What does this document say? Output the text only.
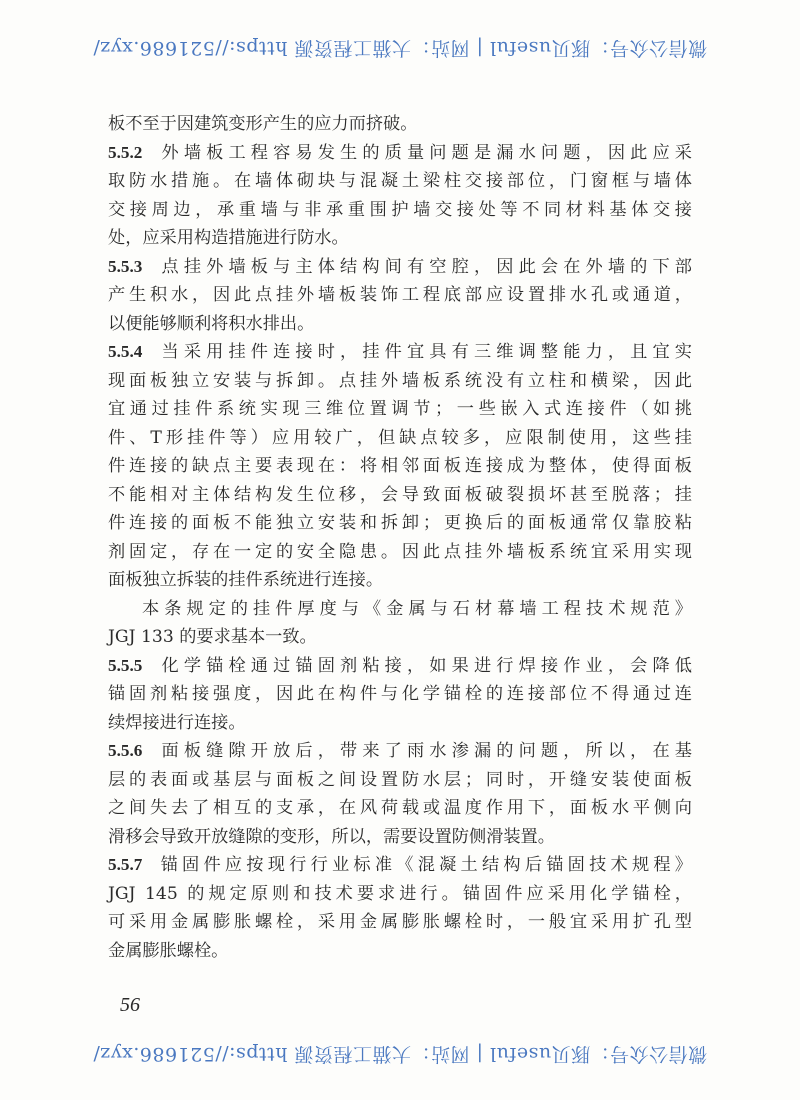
微信公众号：豚贝useful | 网站：大猫工程资源 https://521686.xyz/
板不至于因建筑变形产生的应力而挤破。
5.5.2 外墙板工程容易发生的质量问题是漏水问题，因此应采
取防水措施。在墙体砌块与混凝土梁柱交接部位，门窗框与墙体
交接周边，承重墙与非承重围护墙交接处等不同材料基体交接
处，应采用构造措施进行防水。
5.5.3 点挂外墙板与主体结构间有空腔，因此会在外墙的下部
产生积水，因此点挂外墙板装饰工程底部应设置排水孔或通道，
以便能够顺利将积水排出。
5.5.4 当采用挂件连接时，挂件宜具有三维调整能力，且宜实
现面板独立安装与拆卸。点挂外墙板系统没有立柱和横梁，因此
宜通过挂件系统实现三维位置调节；一些嵌入式连接件（如挑
件、T形挂件等）应用较广，但缺点较多，应限制使用，这些挂
件连接的缺点主要表现在：将相邻面板连接成为整体，使得面板
不能相对主体结构发生位移，会导致面板破裂损坏甚至脱落；挂
件连接的面板不能独立安装和拆卸；更换后的面板通常仅靠胶粘
剂固定，存在一定的安全隐患。因此点挂外墙板系统宜采用实现
面板独立拆装的挂件系统进行连接。
本条规定的挂件厚度与《金属与石材幕墙工程技术规范》
JGJ 133 的要求基本一致。
5.5.5 化学锚栓通过锚固剂粘接，如果进行焊接作业，会降低
锚固剂粘接强度，因此在构件与化学锚栓的连接部位不得通过连
续焊接进行连接。
5.5.6 面板缝隙开放后，带来了雨水渗漏的问题，所以，在基
层的表面或基层与面板之间设置防水层；同时，开缝安装使面板
之间失去了相互的支承，在风荷载或温度作用下，面板水平侧向
滑移会导致开放缝隙的变形，所以，需要设置防侧滑装置。
5.5.7 锚固件应按现行行业标准《混凝土结构后锚固技术规程》
JGJ 145 的规定原则和技术要求进行。锚固件应采用化学锚栓，
可采用金属膨胀螺栓，采用金属膨胀螺栓时，一般宜采用扩孔型
金属膨胀螺栓。
56
微信公众号：豚贝useful | 网站：大猫工程资源 https://521686.xyz/
